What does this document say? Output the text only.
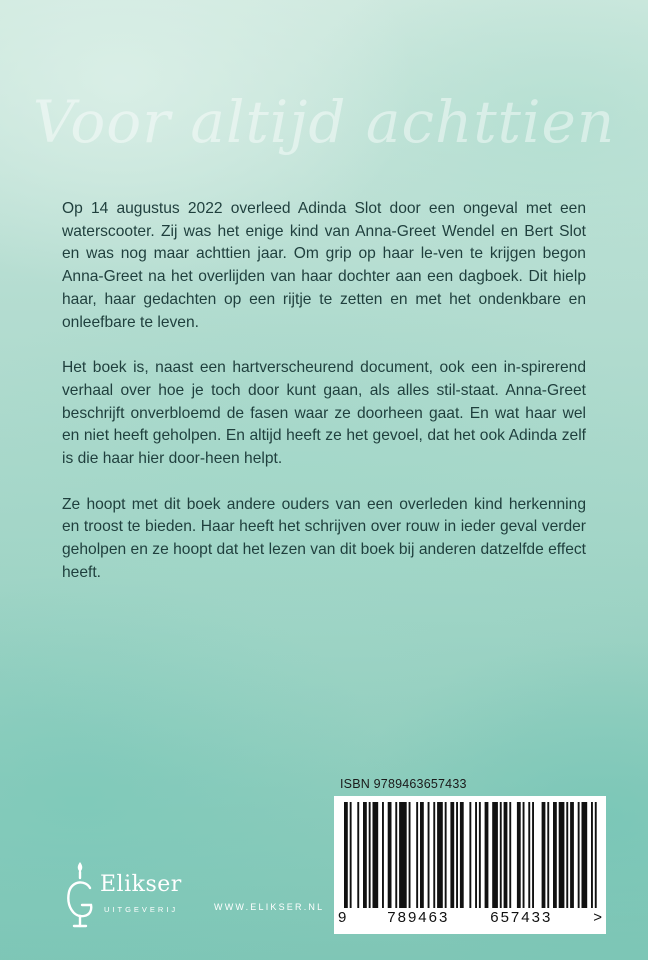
Voor altijd achttien

Op 14 augustus 2022 overleed Adinda Slot door een ongeval met een waterscooter. Zij was het enige kind van Anna-Greet Wendel en Bert Slot en was nog maar achttien jaar. Om grip op haar le-ven te krijgen begon Anna-Greet na het overlijden van haar dochter aan een dagboek. Dit hielp haar, haar gedachten op een rijtje te zetten en met het ondenkbare en onleefbare te leven.

Het boek is, naast een hartverscheurend document, ook een in-spirerend verhaal over hoe je toch door kunt gaan, als alles stil-staat. Anna-Greet beschrijft onverbloemd de fasen waar ze doorheen gaat. En wat haar wel en niet heeft geholpen. En altijd heeft ze het gevoel, dat het ook Adinda zelf is die haar hier door-heen helpt.

Ze hoopt met dit boek andere ouders van een overleden kind herkenning en troost te bieden. Haar heeft het schrijven over rouw in ieder geval verder geholpen en ze hoopt dat het lezen van dit boek bij anderen datzelfde effect heeft.

ISBN 9789463657433
9	789463	657433	>
Elikser
UITGEVERIJ	WWW.ELIKSER.NL
